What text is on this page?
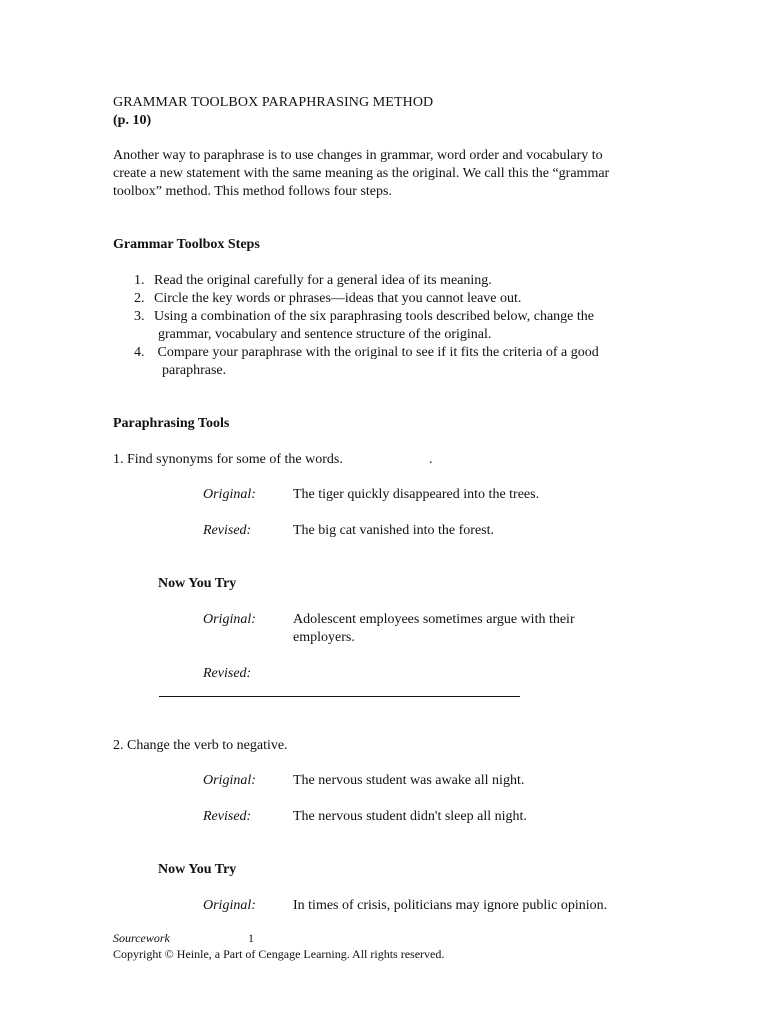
GRAMMAR TOOLBOX PARAPHRASING METHOD
(p. 10)

Another way to paraphrase is to use changes in grammar, word order and vocabulary to

create a new statement with the same meaning as the original. We call this the “grammar

toolbox” method. This method follows four steps.

Grammar Toolbox Steps
1. Read the original carefully for a general idea of its meaning.
2. Circle the key words or phrases—ideas that you cannot leave out.
3. Using a combination of the six paraphrasing tools described below, change the
grammar, vocabulary and sentence structure of the original.
4. Compare your paraphrase with the original to see if it fits the criteria of a good
paraphrase.
Paraphrasing Tools
1. Find synonyms for some of the words.	.
Original:	The tiger quickly disappeared into the trees.
Revised:	The big cat vanished into the forest.
Now You Try
Original:	Adolescent employees sometimes argue with their
employers.
Revised:
2. Change the verb to negative.
Original:	The nervous student was awake all night.
Revised:	The nervous student didn't sleep all night.
Now You Try
Original:	In times of crisis, politicians may ignore public opinion.
Sourcework	1
Copyright © Heinle, a Part of Cengage Learning. All rights reserved.
